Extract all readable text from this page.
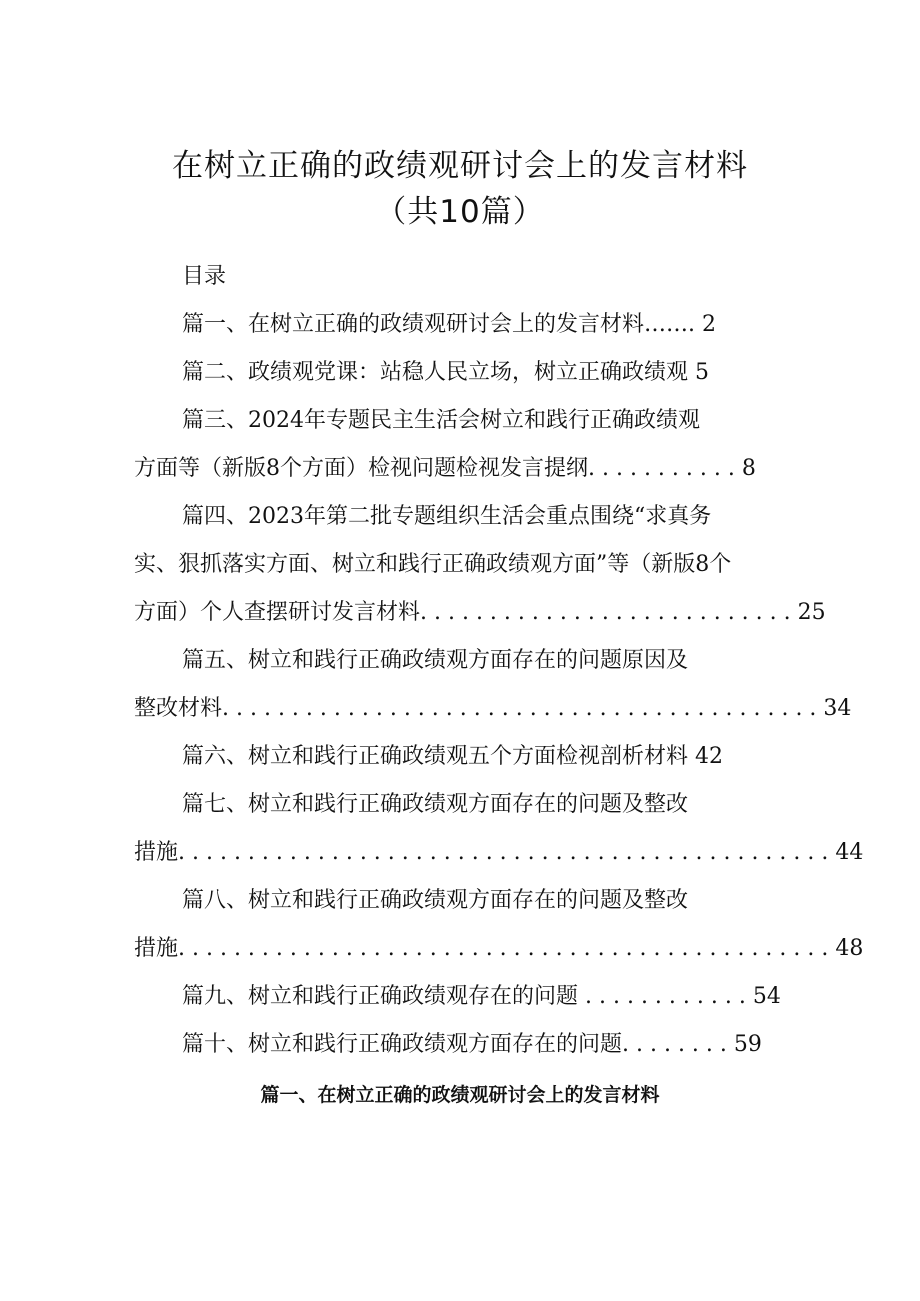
在树立正确的政绩观研讨会上的发言材料
（共10篇）
目录
篇一、在树立正确的政绩观研讨会上的发言材料……. 2
篇二、政绩观党课：站稳人民立场，树立正确政绩观 5
篇三、2024年专题民主生活会树立和践行正确政绩观
方面等（新版8个方面）检视问题检视发言提纲. . . . . . . . . . . 8
篇四、2023年第二批专题组织生活会重点围绕“求真务
实、狠抓落实方面、树立和践行正确政绩观方面”等（新版8个
方面）个人查摆研讨发言材料. . . . . . . . . . . . . . . . . . . . . . . . . . . 25
篇五、树立和践行正确政绩观方面存在的问题原因及
整改材料. . . . . . . . . . . . . . . . . . . . . . . . . . . . . . . . . . . . . . . . . . . 34
篇六、树立和践行正确政绩观五个方面检视剖析材料 42
篇七、树立和践行正确政绩观方面存在的问题及整改
措施. . . . . . . . . . . . . . . . . . . . . . . . . . . . . . . . . . . . . . . . . . . . . . . 44
篇八、树立和践行正确政绩观方面存在的问题及整改
措施. . . . . . . . . . . . . . . . . . . . . . . . . . . . . . . . . . . . . . . . . . . . . . . 48
篇九、树立和践行正确政绩观存在的问题 . . . . . . . . . . . . 54
篇十、树立和践行正确政绩观方面存在的问题. . . . . . . . 59
篇一、在树立正确的政绩观研讨会上的发言材料
